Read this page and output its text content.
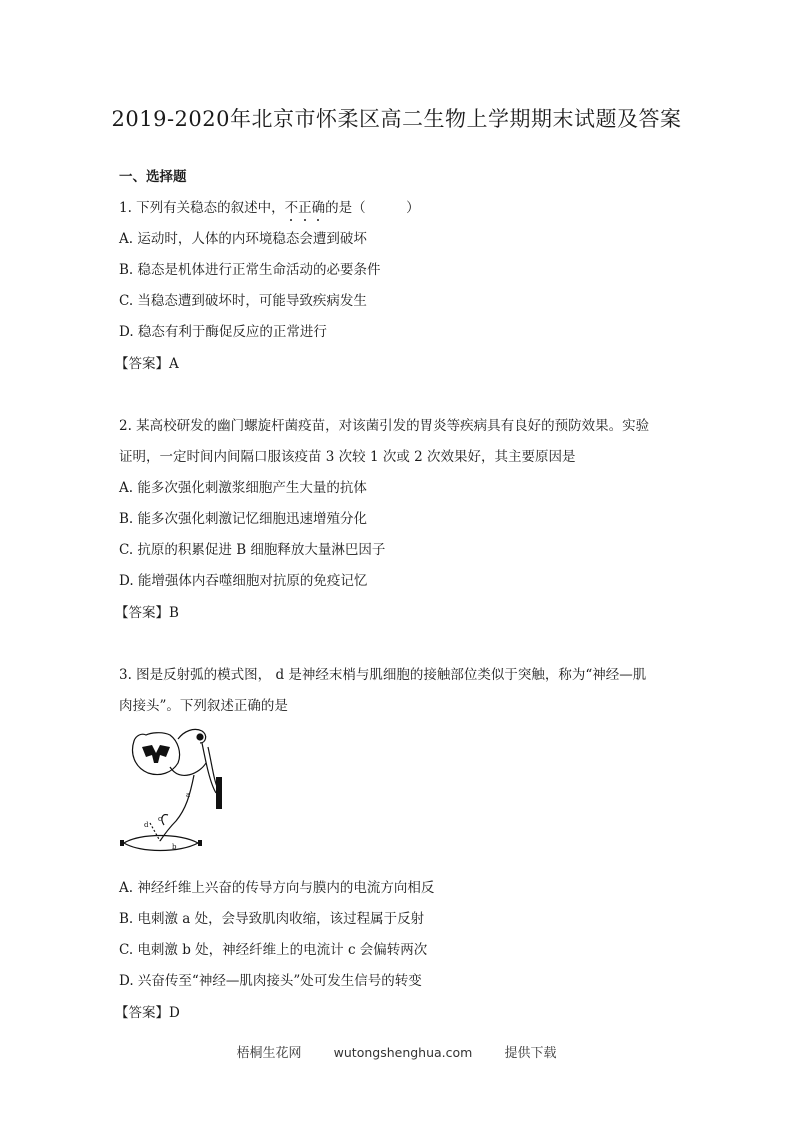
2019-2020年北京市怀柔区高二生物上学期期末试题及答案
一、选择题
1. 下列有关稳态的叙述中，不正确的是（　　　）
A. 运动时，人体的内环境稳态会遭到破坏
B. 稳态是机体进行正常生命活动的必要条件
C. 当稳态遭到破坏时，可能导致疾病发生
D. 稳态有利于酶促反应的正常进行
【答案】A
2. 某高校研发的幽门螺旋杆菌疫苗，对该菌引发的胃炎等疾病具有良好的预防效果。实验
证明，一定时间内间隔口服该疫苗 3 次较 1 次或 2 次效果好，其主要原因是
A. 能多次强化刺激浆细胞产生大量的抗体
B. 能多次强化刺激记忆细胞迅速增殖分化
C. 抗原的积累促进 B 细胞释放大量淋巴因子
D. 能增强体内吞噬细胞对抗原的免疫记忆
【答案】B
3. 图是反射弧的模式图， d 是神经末梢与肌细胞的接触部位类似于突触，称为“神经—肌
肉接头”。下列叙述正确的是
a
b
c
d
A. 神经纤维上兴奋的传导方向与膜内的电流方向相反
B. 电刺激 a 处，会导致肌肉收缩，该过程属于反射
C. 电刺激 b 处，神经纤维上的电流计 c 会偏转两次
D. 兴奋传至“神经—肌肉接头”处可发生信号的转变
【答案】D
梧桐生花网	wutongshenghua.com 提供下载
